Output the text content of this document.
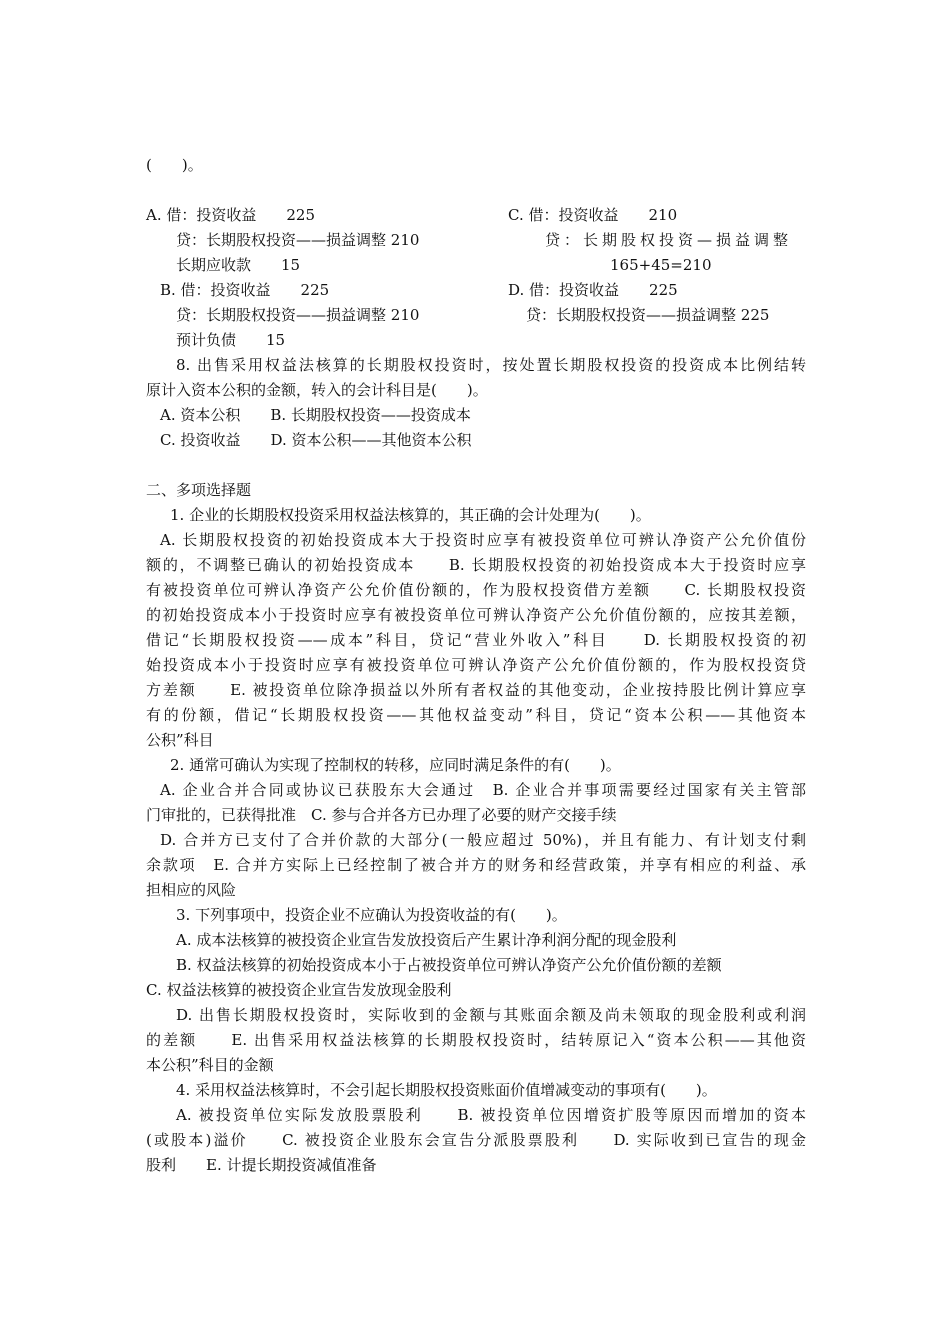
(　　)。
A. 借：投资收益　　225
贷：长期股权投资——损益调整 210
长期应收款　　15
C. 借：投资收益　　210
贷：长期股权投资—损益调整
165+45=210
B. 借：投资收益　　225
贷：长期股权投资——损益调整 210
预计负债　　15
D. 借：投资收益　　225
贷：长期股权投资——损益调整 225
8. 出售采用权益法核算的长期股权投资时，按处置长期股权投资的投资成本比例结转
原计入资本公积的金额，转入的会计科目是(　　)。
A. 资本公积　　B. 长期股权投资——投资成本
C. 投资收益　　D. 资本公积——其他资本公积
二、多项选择题
1. 企业的长期股权投资采用权益法核算的，其正确的会计处理为(　　)。
A. 长期股权投资的初始投资成本大于投资时应享有被投资单位可辨认净资产公允价值份
额的，不调整已确认的初始投资成本　　B. 长期股权投资的初始投资成本大于投资时应享
有被投资单位可辨认净资产公允价值份额的，作为股权投资借方差额　　C. 长期股权投资
的初始投资成本小于投资时应享有被投资单位可辨认净资产公允价值份额的，应按其差额，
借记“长期股权投资——成本”科目，贷记“营业外收入”科目　　D. 长期股权投资的初
始投资成本小于投资时应享有被投资单位可辨认净资产公允价值份额的，作为股权投资贷
方差额　　E. 被投资单位除净损益以外所有者权益的其他变动，企业按持股比例计算应享
有的份额，借记“长期股权投资——其他权益变动”科目，贷记“资本公积——其他资本
公积”科目
2. 通常可确认为实现了控制权的转移，应同时满足条件的有(　　)。
A. 企业合并合同或协议已获股东大会通过　B. 企业合并事项需要经过国家有关主管部
门审批的，已获得批准　C. 参与合并各方已办理了必要的财产交接手续
D. 合并方已支付了合并价款的大部分(一般应超过 50%)，并且有能力、有计划支付剩
余款项　E. 合并方实际上已经控制了被合并方的财务和经营政策，并享有相应的利益、承
担相应的风险
3. 下列事项中，投资企业不应确认为投资收益的有(　　)。
A. 成本法核算的被投资企业宣告发放投资后产生累计净利润分配的现金股利
B. 权益法核算的初始投资成本小于占被投资单位可辨认净资产公允价值份额的差额
C. 权益法核算的被投资企业宣告发放现金股利
D. 出售长期股权投资时，实际收到的金额与其账面余额及尚未领取的现金股利或利润
的差额　　E. 出售采用权益法核算的长期股权投资时，结转原记入“资本公积——其他资
本公积”科目的金额
4. 采用权益法核算时，不会引起长期股权投资账面价值增减变动的事项有(　　)。
A. 被投资单位实际发放股票股利　　B. 被投资单位因增资扩股等原因而增加的资本
(或股本)溢价　　C. 被投资企业股东会宣告分派股票股利　　D. 实际收到已宣告的现金
股利　　E. 计提长期投资减值准备
